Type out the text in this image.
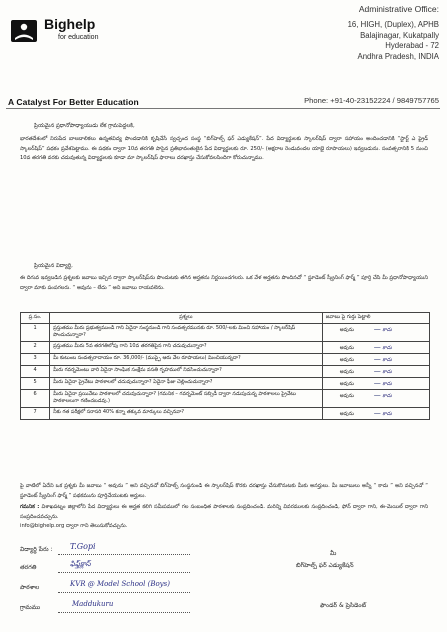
Bighelp
for education
Administrative Office:
16, HIGH, (Duplex), APHB
Balajinagar, Kukatpally
Hyderabad - 72
Andhra Pradesh, INDIA
Phone: +91-40-23152224 / 9849757765
A Catalyst For Better Education
ప్రియమైన ప్రధానోపాధ్యాయుడు లేక గ్రామపెద్దలకి,
భారతదేశంలో నిరుపేద బాలబాలికలు ఉన్నతవిద్య పొందడానికి కృషిచేసే స్వచ్ఛంద సంస్థ “బిగ్‌హెల్ప్ ఫర్ ఎడ్యుకేషన్”. పేద విద్యార్థులకు స్కాలర్‌షిప్ ద్వారా సహాయం అందించడానికి “స్టార్ట్ ఎ ఫ్రైడ్ స్కాలర్‌షిప్” పథకం ప్రవేశపెట్టాము. ఈ పథకం ద్వారా 10వ తరగతి పాసైన ప్రతిభావంతులైన పేద విద్యార్థులకు రూ. 250/- (అక్షరాల రెండువందల యాభై రూపాయలు) ఇవ్వబడును. సంవత్సరానికి 5 నుంచి 10వ తరగతి వరకు చదువుతున్న విద్యార్థులకు కూడా మా స్కాలర్‌షిప్ ఫారాలు దరఖాస్తు చేసుకోవలసిందిగా కోరుచున్నాము.
ప్రియమైన విద్యార్థి,
ఈ దిగువ ఇవ్వబడిన ప్రశ్నలకు జవాబు ఇచ్చిన ద్వారా స్కాలర్‌షిప్‌ను పొందుటకు తగిన అర్హతను నిర్ణయించగలరు. ఒక వేళ అర్హతను పొందినచో “ స్టూడెంట్ స్క్రీనింగ్ ఫార్మ్ ” పూర్తి చేసి మీ ప్రధానోపాధ్యాయుని ద్వారా మాకు పంపగలరు. “ అవును – లేదు ” అని జవాబు రాయవలెను.
ప్ర.సం.	ప్రశ్నలు	జవాబు పై గుర్తు పెట్టాలి
1	ప్రస్తుతము మీరు ప్రభుత్వముండి గాని ఏదైనా సంస్థనుండి గాని సంవత్సరమునకు రూ. 500/-లకు మించి సహాయం / స్కాలర్‌షిప్ పొందుచున్నారా?	అవును — కాదు
2	ప్రస్తుతము మీరు 5వ తరగతిలోపు గాని 10వ తరగతిపైన గాని చదువుచున్నారా?	అవును — కాదు
3	మీ కుటుంబ సంవత్సరాదాయం రూ. 36,000/- (ముప్పై ఆరు వేల రూపాయలు) మించియున్నదా?	అవును — కాదు
4	మీరు గవర్నమెంటు వారి ఏదైనా సాంఘిక సంక్షేమ వసతి గృహములో నివసించుచున్నారా?	అవును — కాదు
5	మీరు ఏదైనా ప్రైవేటు పాఠశాలలో చదువుచున్నారా? ఏదైనా ఫీజు చెల్లించుచున్నారా?	అవును — కాదు
6	మీరు ఏదైనా ప్రయివేటు పాఠశాలలో చదువుచున్నారా? (గమనిక – గవర్నమెంట్ సబ్సిడీ ద్వారా నడుపుచున్న పాఠశాలలు ప్రైవేటు పాఠశాలలుగా గణించబడవు.)	అవును — కాదు
7	నీకు గత పరీక్షలో సరాసరి 40% కన్నా తక్కువ మార్కులు వచ్చినవా?	అవును — కాదు
పై వాటిలో ఏదేని ఒక ప్రశ్నకు మీ జవాబు “ అవును ” అని వచ్చినచో బిగ్‌హెల్ప్ సంస్థనుండి ఈ స్కాలర్‌షిప్ కొరకు దరఖాస్తు చేసుకొనుటకు మీకు అనర్హులు. మీ జవాబులు అన్నీ “ కాదు ” అని వచ్చినచో “ స్టూడెంట్ స్క్రీనింగ్ ఫార్మ్ ” పథకమును పూర్తిచేయుటకు అర్హులు.
గమనిక : విశాఖపట్నం జిల్లాలోని పేద విద్యార్థులు ఈ అర్హత కలిగి సమీపములో గల సంబంధిత పాఠశాలకు సంప్రదించండి. మరిన్ని వివరములకు సంప్రదించండి, ఫోన్ ద్వారా గాని, ఈ-మెయిల్ ద్వారా గాని సంప్రదించవచ్చును.
info@bighelp.org ద్వారా గాని తెలుసుకోవచ్చును.
విద్యార్థి పేరు : T.Gopi
తరగతి	ఫిఫ్త్‌క్లాస్
పాఠశాల	KVR @ Model School (Boys)
గ్రామము	Maddukuru
మీ
బిగ్‌హెల్ప్ ఫర్ ఎడ్యుకేషన్
ఫౌండర్ & ప్రెసిడెంట్
